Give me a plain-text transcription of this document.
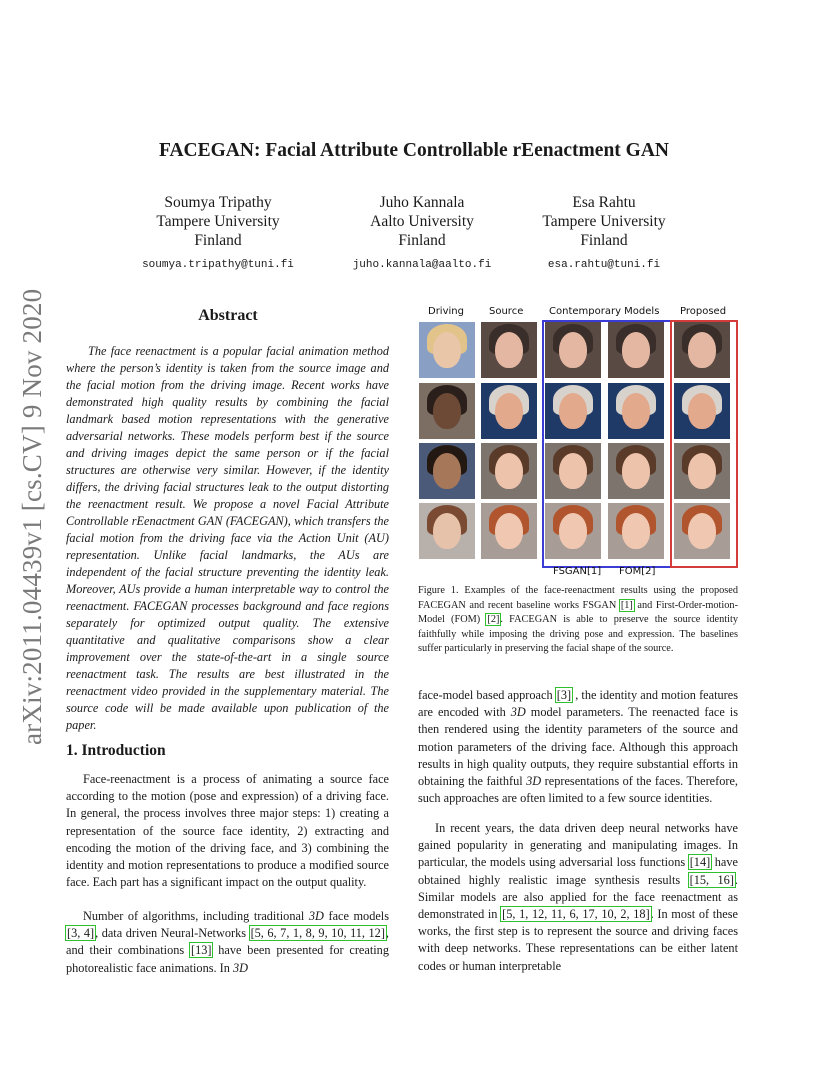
arXiv:2011.04439v1 [cs.CV] 9 Nov 2020
FACEGAN: Facial Attribute Controllable rEenactment GAN
Soumya Tripathy
Tampere University
Finland
soumya.tripathy@tuni.fi
Juho Kannala
Aalto University
Finland
juho.kannala@aalto.fi
Esa Rahtu
Tampere University
Finland
esa.rahtu@tuni.fi
Abstract
The face reenactment is a popular facial animation method where the person’s identity is taken from the source image and the facial motion from the driving image. Recent works have demonstrated high quality results by combining the facial landmark based motion representations with the generative adversarial networks. These models perform best if the source and driving images depict the same person or if the facial structures are otherwise very similar. However, if the identity differs, the driving facial structures leak to the output distorting the reenactment result. We propose a novel Facial Attribute Controllable rEenactment GAN (FACEGAN), which transfers the facial motion from the driving face via the Action Unit (AU) representation. Unlike facial landmarks, the AUs are independent of the facial structure preventing the identity leak. Moreover, AUs provide a human interpretable way to control the reenactment. FACEGAN processes background and face regions separately for optimized output quality. The extensive quantitative and qualitative comparisons show a clear improvement over the state-of-the-art in a single source reenactment task. The results are best illustrated in the reenactment video provided in the supplementary material. The source code will be made available upon publication of the paper.
1. Introduction
Face-reenactment is a process of animating a source face according to the motion (pose and expression) of a driving face. In general, the process involves three major steps: 1) creating a representation of the source face identity, 2) extracting and encoding the motion of the driving face, and 3) combining the identity and motion representations to produce a modified source face. Each part has a significant impact on the output quality.
Number of algorithms, including traditional 3D face models [3, 4], data driven Neural-Networks [5, 6, 7, 1, 8, 9, 10, 11, 12], and their combinations [13] have been presented for creating photorealistic face animations. In 3D
face-model based approach [3] , the identity and motion features are encoded with 3D model parameters. The reenacted face is then rendered using the identity parameters of the source and motion parameters of the driving face. Although this approach results in high quality outputs, they require substantial efforts in obtaining the faithful 3D representations of the faces. Therefore, such approaches are often limited to a few source identities.
In recent years, the data driven deep neural networks have gained popularity in generating and manipulating images. In particular, the models using adversarial loss functions [14] have obtained highly realistic image synthesis results [15, 16]. Similar models are also applied for the face reenactment as demonstrated in [5, 1, 12, 11, 6, 17, 10, 2, 18]. In most of these works, the first step is to represent the source and driving faces with deep networks. These representations can be either latent codes or human interpretable
Driving	Source	Contemporary Models Proposed
FSGAN[1] FOM[2]
Figure 1. Examples of the face-reenactment results using the proposed FACEGAN and recent baseline works FSGAN [1] and First-Order-motion-Model (FOM) [2]. FACEGAN is able to preserve the source identity faithfully while imposing the driving pose and expression. The baselines suffer particularly in preserving the facial shape of the source.
